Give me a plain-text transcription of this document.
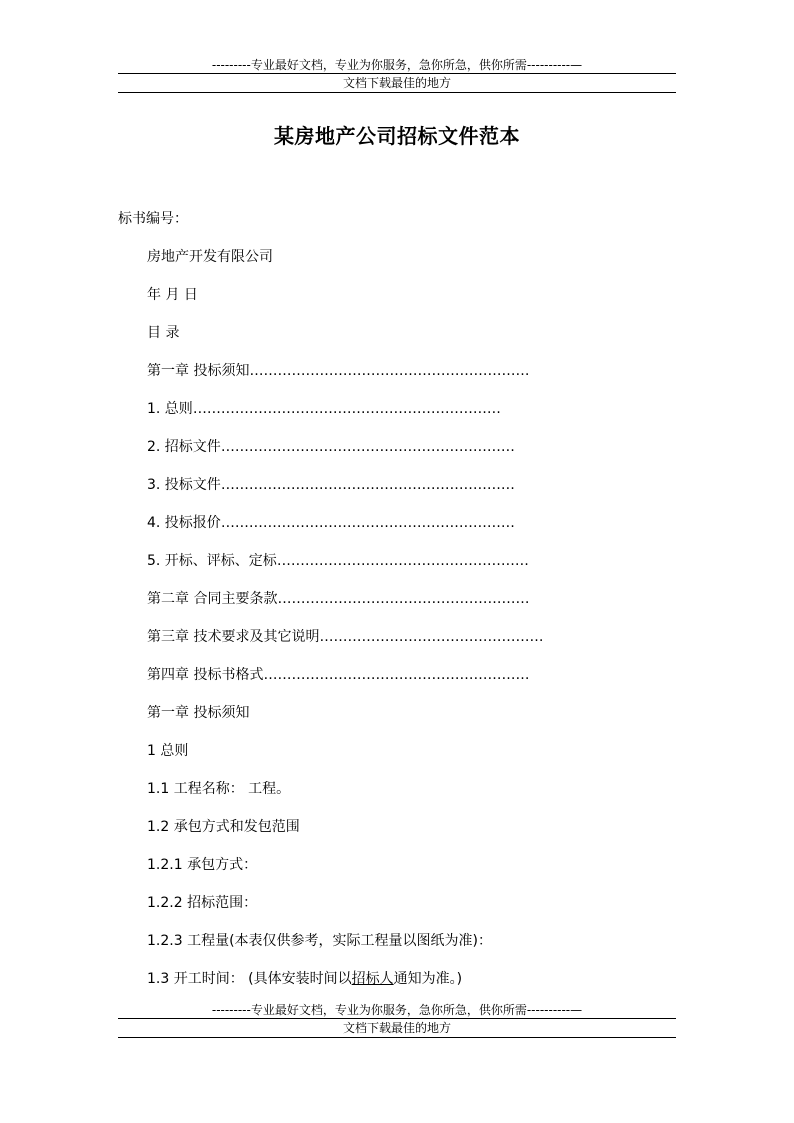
---------专业最好文档，专业为你服务，急你所急，供你所需----------—
文档下载最佳的地方
某房地产公司招标文件范本
标书编号：
房地产开发有限公司
年 月 日
目 录
第一章 投标须知……………………………………………………
1. 总则…………………………………………………………
2. 招标文件………………………………………………………
3. 投标文件………………………………………………………
4. 投标报价………………………………………………………
5. 开标、评标、定标………………………………………………
第二章 合同主要条款………………………………………………
第三章 技术要求及其它说明…………………………………………
第四章 投标书格式…………………………………………………
第一章 投标须知
1 总则
1.1 工程名称： 工程。
1.2 承包方式和发包范围
1.2.1 承包方式：
1.2.2 招标范围：
1.2.3 工程量(本表仅供参考，实际工程量以图纸为准)：
1.3 开工时间： (具体安装时间以招标人通知为准。)
---------专业最好文档，专业为你服务，急你所急，供你所需----------—
文档下载最佳的地方
